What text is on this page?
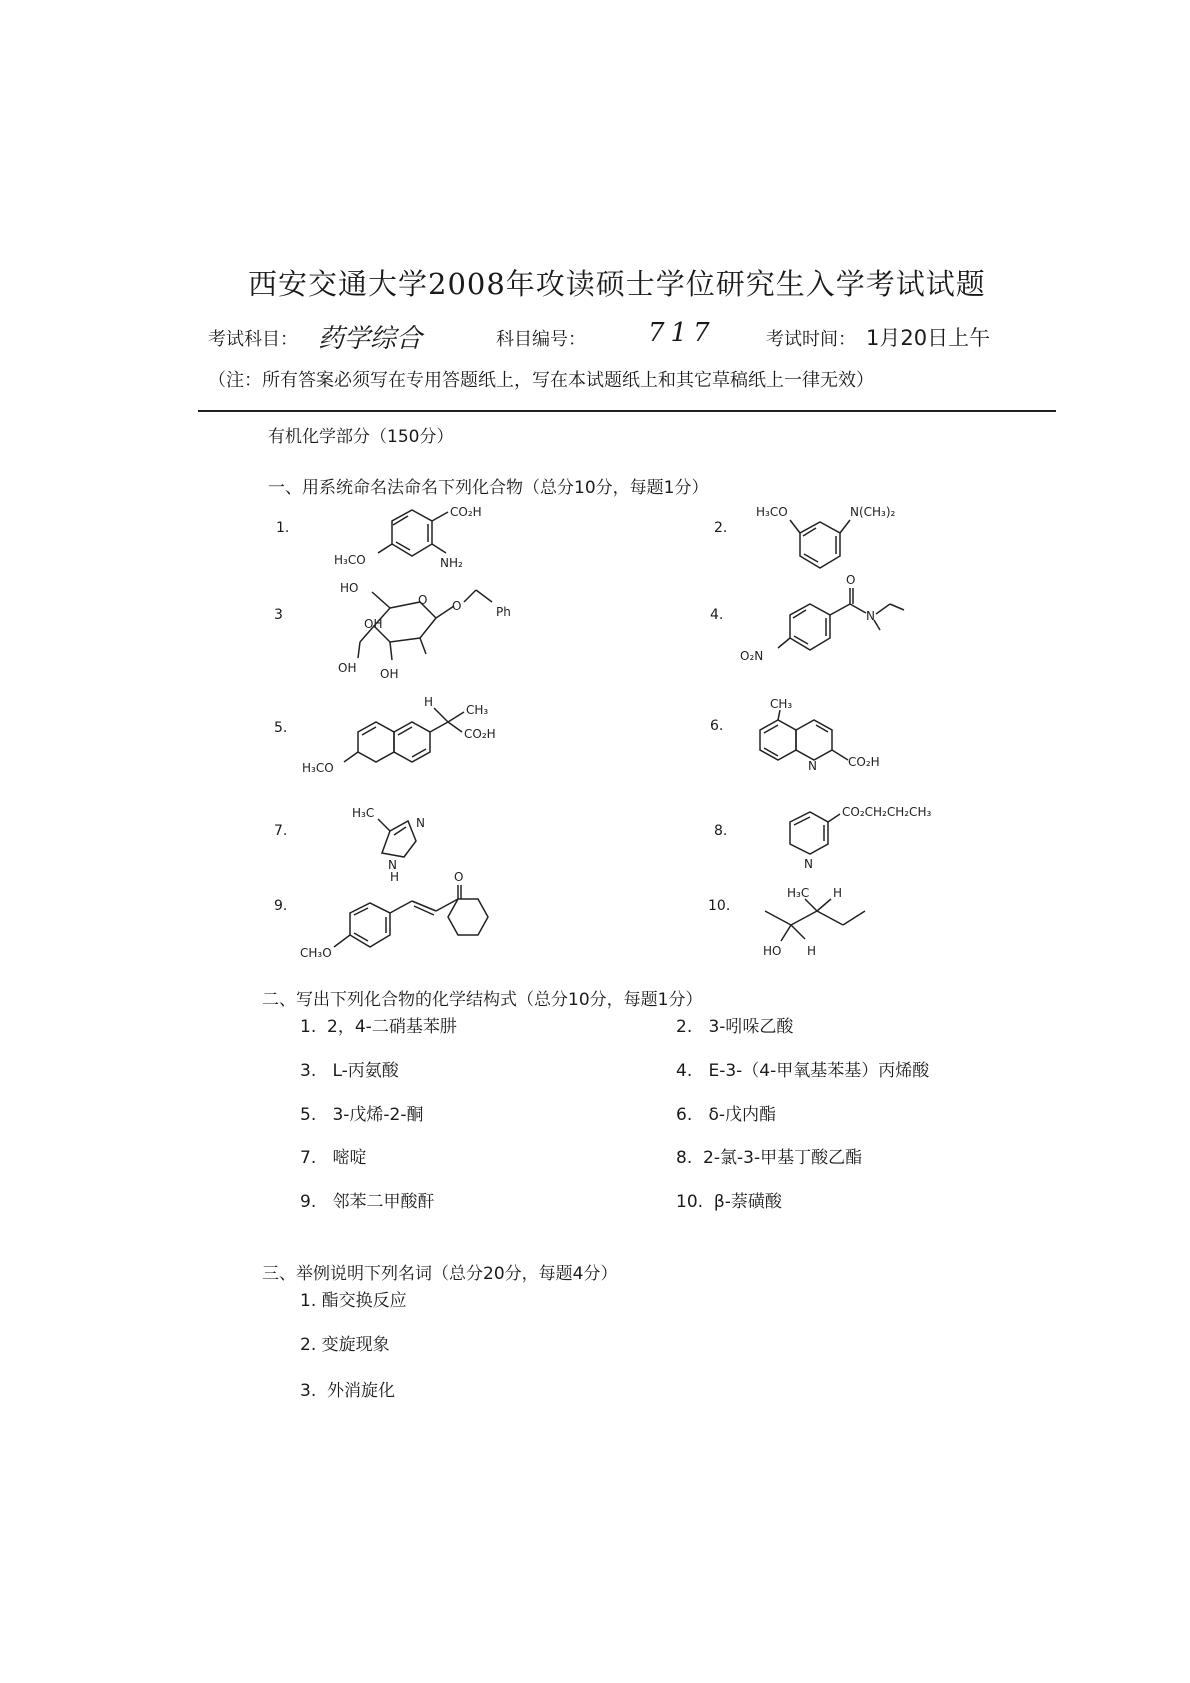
西安交通大学2008年攻读硕士学位研究生入学考试试题
考试科目： 药学综合	科目编号： 717	考试时间： 1月20日上午
（注：所有答案必须写在专用答题纸上，写在本试题纸上和其它草稿纸上一律无效）
有机化学部分（150分）
一、用系统命名法命名下列化合物（总分10分，每题1分）
1.	2.
3	4.
5.	6.
7.	8.
9.	10.
CO₂H
H₃CO	NH₂
H₃CO	N(CH₃)₂
HO
O O	Ph
OH
OH OH
O
N
O₂N
H
CH₃
CO₂H
H₃CO
CH₃
N	CO₂H
H₃C
N
N
H
CO₂CH₂CH₂CH₃
N
O
CH₃O
H₃C H
HO H
二、写出下列化合物的化学结构式（总分10分，每题1分）
1. 2，4-二硝基苯肼	2. 3-吲哚乙酸
3. L-丙氨酸	4. E-3-（4-甲氧基苯基）丙烯酸
5. 3-戊烯-2-酮	6. δ-戊内酯
7. 嘧啶	8. 2-氯-3-甲基丁酸乙酯
9. 邻苯二甲酸酐	10. β-萘磺酸
三、举例说明下列名词（总分20分，每题4分）
1. 酯交换反应
2. 变旋现象
3. 外消旋化
